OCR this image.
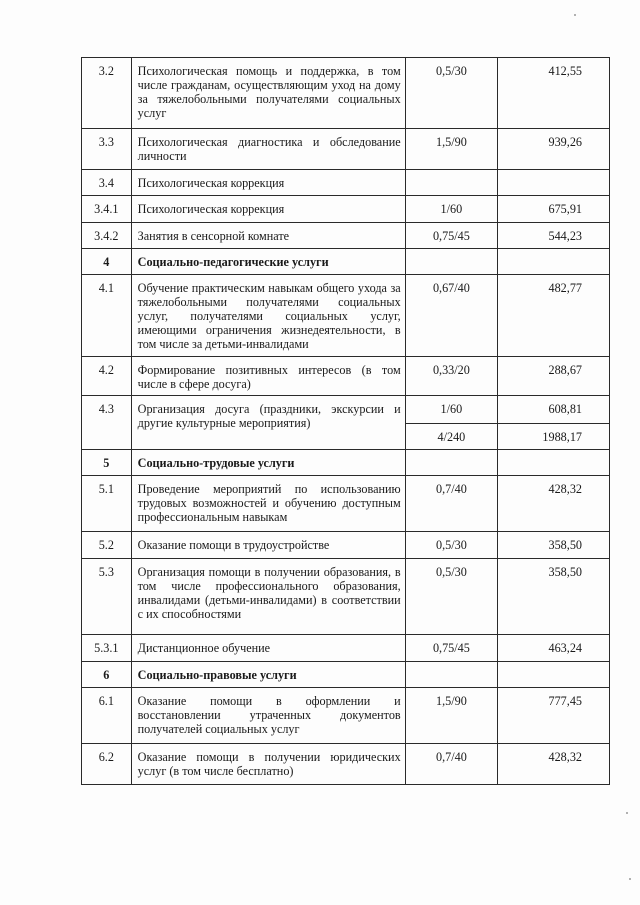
3.2	Психологическая помощь и поддержка, в том числе гражданам, осуществляющим уход на дому за тяжелобольными получателями социальных услуг	0,5/30	412,55
3.3	Психологическая диагностика и обследование личности	1,5/90	939,26
3.4	Психологическая коррекция		
3.4.1	Психологическая коррекция	1/60	675,91
3.4.2	Занятия в сенсорной комнате	0,75/45	544,23
4	Социально-педагогические услуги		
4.1	Обучение практическим навыкам общего ухода за тяжелобольными получателями социальных услуг, получателями социальных услуг, имеющими ограничения жизнедеятельности, в том числе за детьми-инвалидами	0,67/40	482,77
4.2	Формирование позитивных интересов (в том числе в сфере досуга)	0,33/20	288,67
4.3	Организация досуга (праздники, экскурсии и другие культурные мероприятия)	1/60	608,81
		4/240	1988,17
5	Социально-трудовые услуги		
5.1	Проведение мероприятий по использованию трудовых возможностей и обучению доступным профессиональным навыкам	0,7/40	428,32
5.2	Оказание помощи в трудоустройстве	0,5/30	358,50
5.3	Организация помощи в получении образования, в том числе профессионального образования, инвалидами (детьми-инвалидами) в соответствии с их способностями	0,5/30	358,50
5.3.1	Дистанционное обучение	0,75/45	463,24
6	Социально-правовые услуги		
6.1	Оказание помощи в оформлении и восстановлении утраченных документов получателей социальных услуг	1,5/90	777,45
6.2	Оказание помощи в получении юридических услуг (в том числе бесплатно)	0,7/40	428,32
